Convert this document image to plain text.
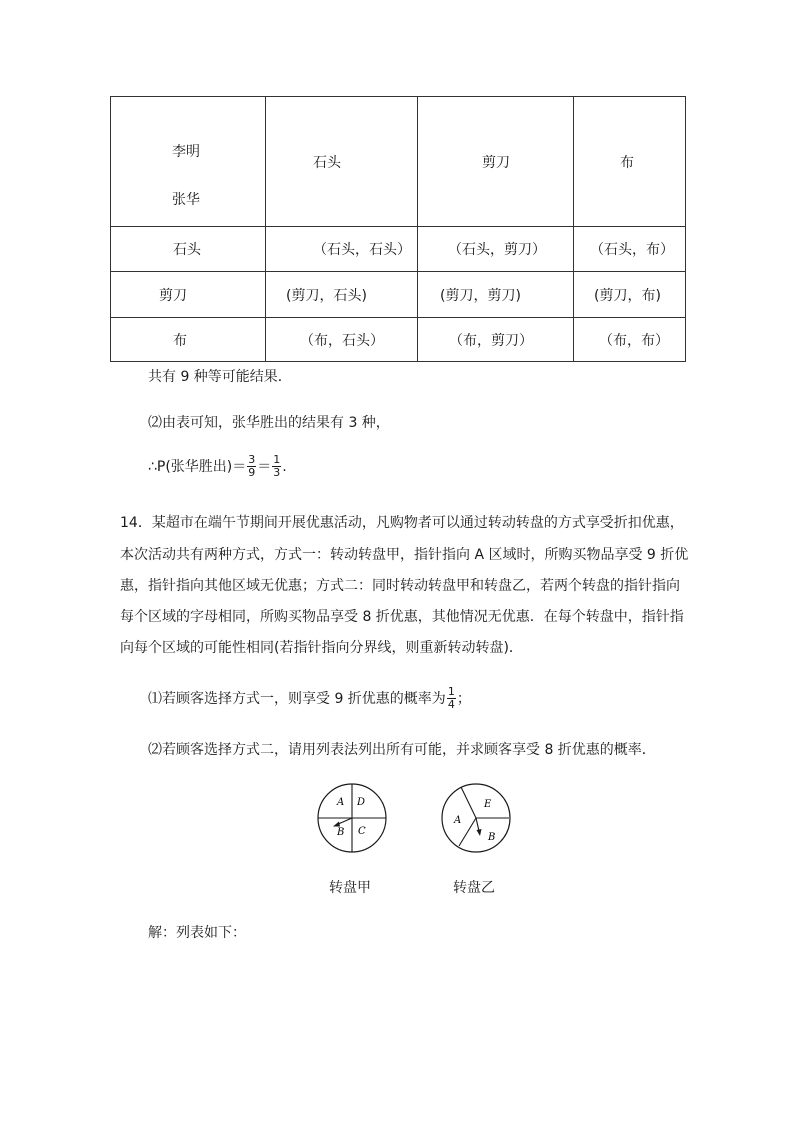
李明
张华	石头	剪刀	布
石头	（石头，石头）	（石头，剪刀）	（石头，布）
剪刀	(剪刀，石头)	(剪刀，剪刀)	(剪刀，布)
布	（布，石头）	（布，剪刀）	（布，布）
共有 9 种等可能结果．
⑵由表可知，张华胜出的结果有 3 种，
∴P(张华胜出)＝ $\frac{3}{9} = \frac{1}{3}$ .
14．某超市在端午节期间开展优惠活动，凡购物者可以通过转动转盘的方式享受折扣优惠，
本次活动共有两种方式，方式一：转动转盘甲，指针指向 A 区域时，所购买物品享受 9 折优
惠，指针指向其他区域无优惠；方式二：同时转动转盘甲和转盘乙，若两个转盘的指针指向
每个区域的字母相同，所购买物品享受 8 折优惠，其他情况无优惠．在每个转盘中，指针指
向每个区域的可能性相同(若指针指向分界线，则重新转动转盘)．
⑴若顾客选择方式一，则享受 9 折优惠的概率为 $\frac{1}{4}$ ；
⑵若顾客选择方式二，请用列表法列出所有可能，并求顾客享受 8 折优惠的概率．
A D
B C
转盘甲
E
A
B
转盘乙
解：列表如下：
